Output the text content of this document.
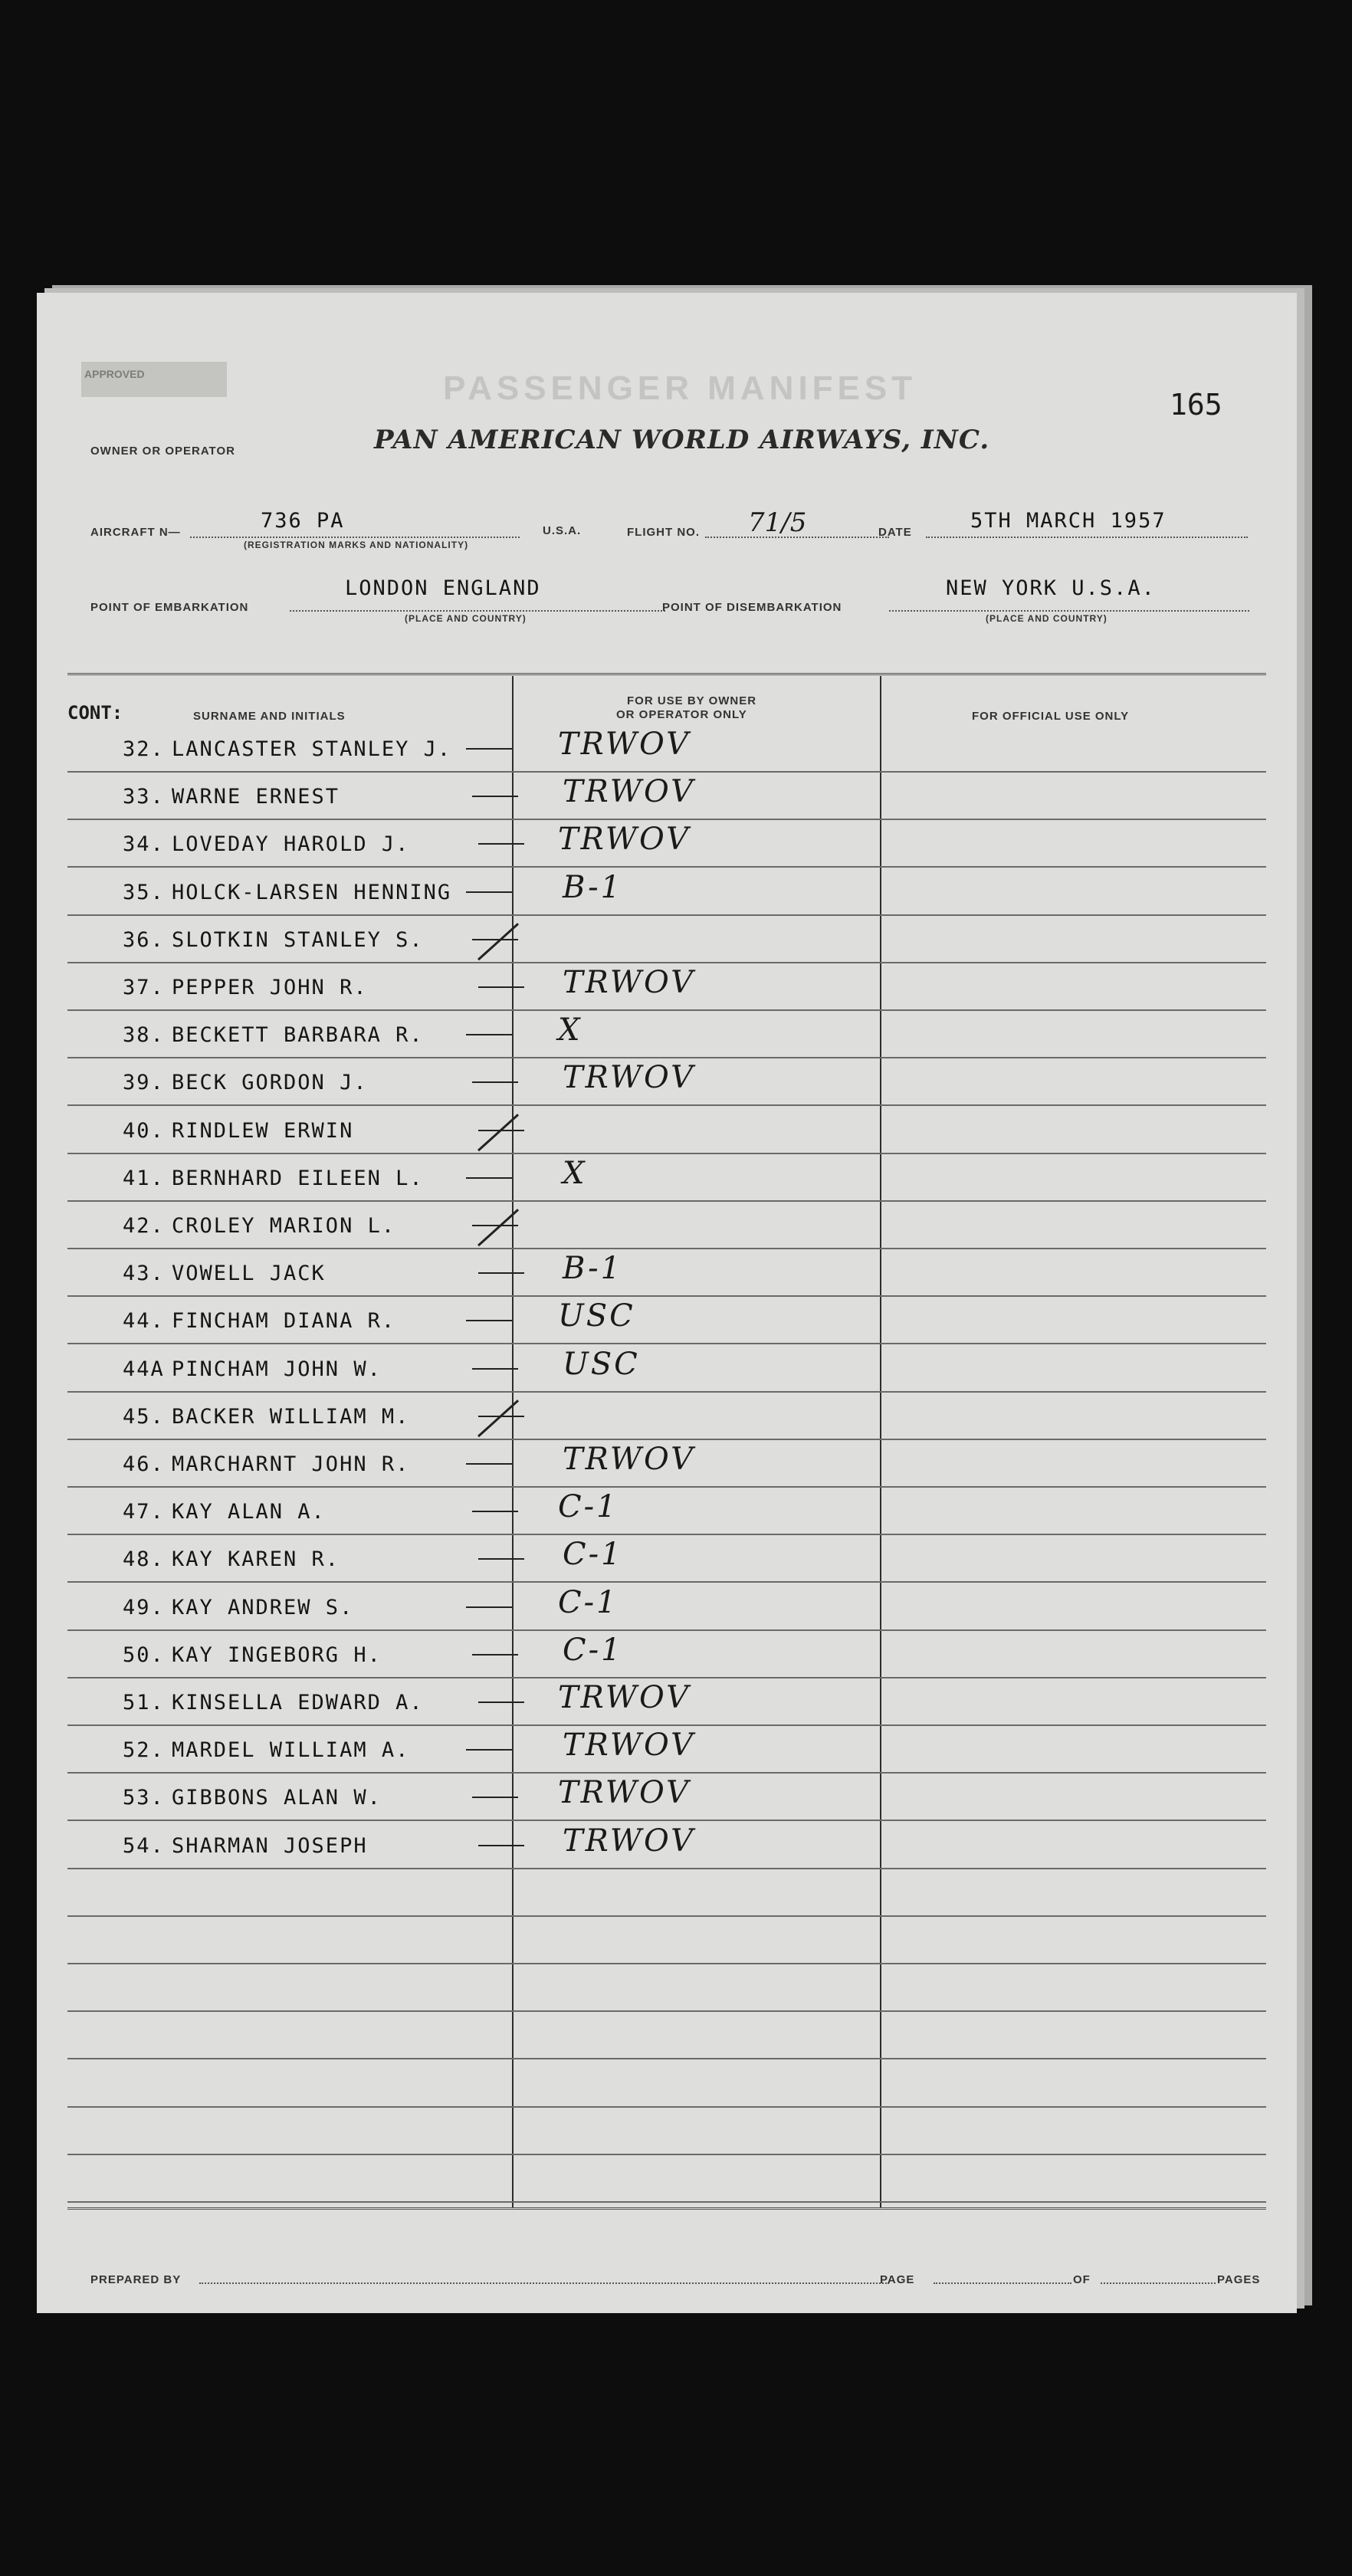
APPROVED	PASSENGER MANIFEST	165
OWNER OR OPERATOR	PAN AMERICAN WORLD AIRWAYS, INC.
AIRCRAFT N—	736 PA
(REGISTRATION MARKS AND NATIONALITY)
U.S.A.	FLIGHT NO. 71/5	DATE	5TH MARCH 1957
POINT OF EMBARKATION
LONDON ENGLAND
(PLACE AND COUNTRY)
POINT OF DISEMBARKATION
NEW YORK U.S.A.
(PLACE AND COUNTRY)
CONT:	SURNAME AND INITIALS
FOR USE BY OWNER
OR OPERATOR ONLY	FOR OFFICIAL USE ONLY
32. LANCASTER STANLEY J.	TRWOV
33. WARNE ERNEST	TRWOV
34. LOVEDAY HAROLD J.	TRWOV
35. HOLCK-LARSEN HENNING	B-1
36. SLOTKIN STANLEY S.
37. PEPPER JOHN R.	TRWOV
38. BECKETT BARBARA R.	X
39. BECK GORDON J.	TRWOV
40. RINDLEW ERWIN
41. BERNHARD EILEEN L.	X
42. CROLEY MARION L.
43. VOWELL JACK	B-1
44. FINCHAM DIANA R.	USC
44A PINCHAM JOHN W.	USC
45. BACKER WILLIAM M.
46. MARCHARNT JOHN R.	TRWOV
47. KAY ALAN A.	C-1
48. KAY KAREN R.	C-1
49. KAY ANDREW S.	C-1
50. KAY INGEBORG H.	C-1
51. KINSELLA EDWARD A.	TRWOV
52. MARDEL WILLIAM A.	TRWOV
53. GIBBONS ALAN W.	TRWOV
54. SHARMAN JOSEPH	TRWOV
PREPARED BY	PAGE	OF	PAGES
